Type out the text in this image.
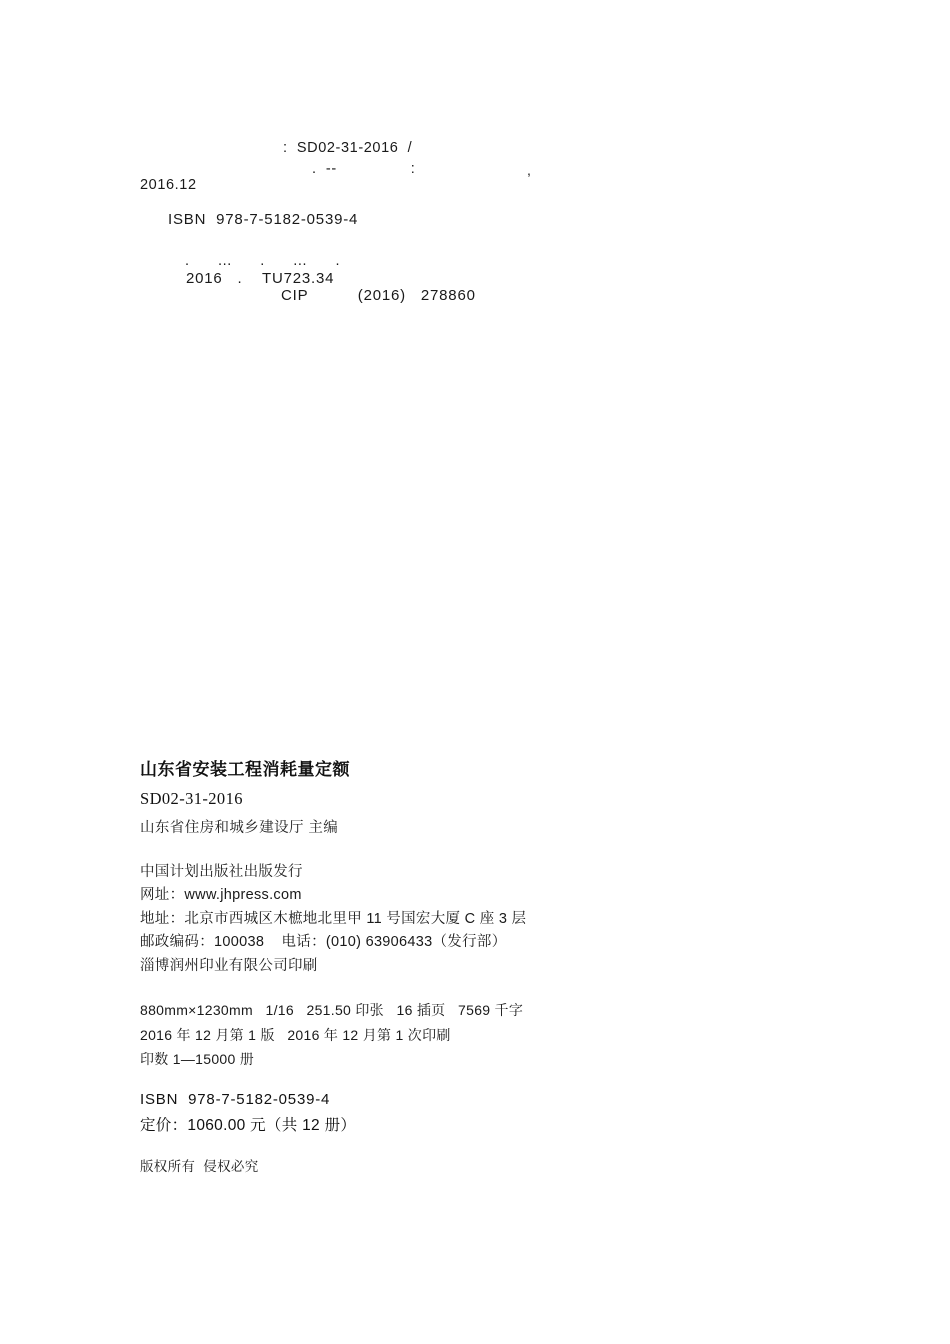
:  SD02-31-2016  /
.  --                :	,
2016.12
ISBN  978-7-5182-0539-4
.      …      .      …      .
2016   .    TU723.34
CIP          (2016)   278860
山东省安装工程消耗量定额
SD02-31-2016
山东省住房和城乡建设厅 主编
中国计划出版社出版发行
网址：www.jhpress.com
地址：北京市西城区木樜地北里甲 11 号国宏大厦 C 座 3 层
邮政编码：100038    电话：(010) 63906433（发行部）
淄博润州印业有限公司印刷
880mm×1230mm   1/16   251.50 印张   16 插页   7569 千字
2016 年 12 月第 1 版   2016 年 12 月第 1 次印刷
印数 1—15000 册
ISBN  978-7-5182-0539-4
定价：1060.00 元（共 12 册）
版权所有  侵权必究
